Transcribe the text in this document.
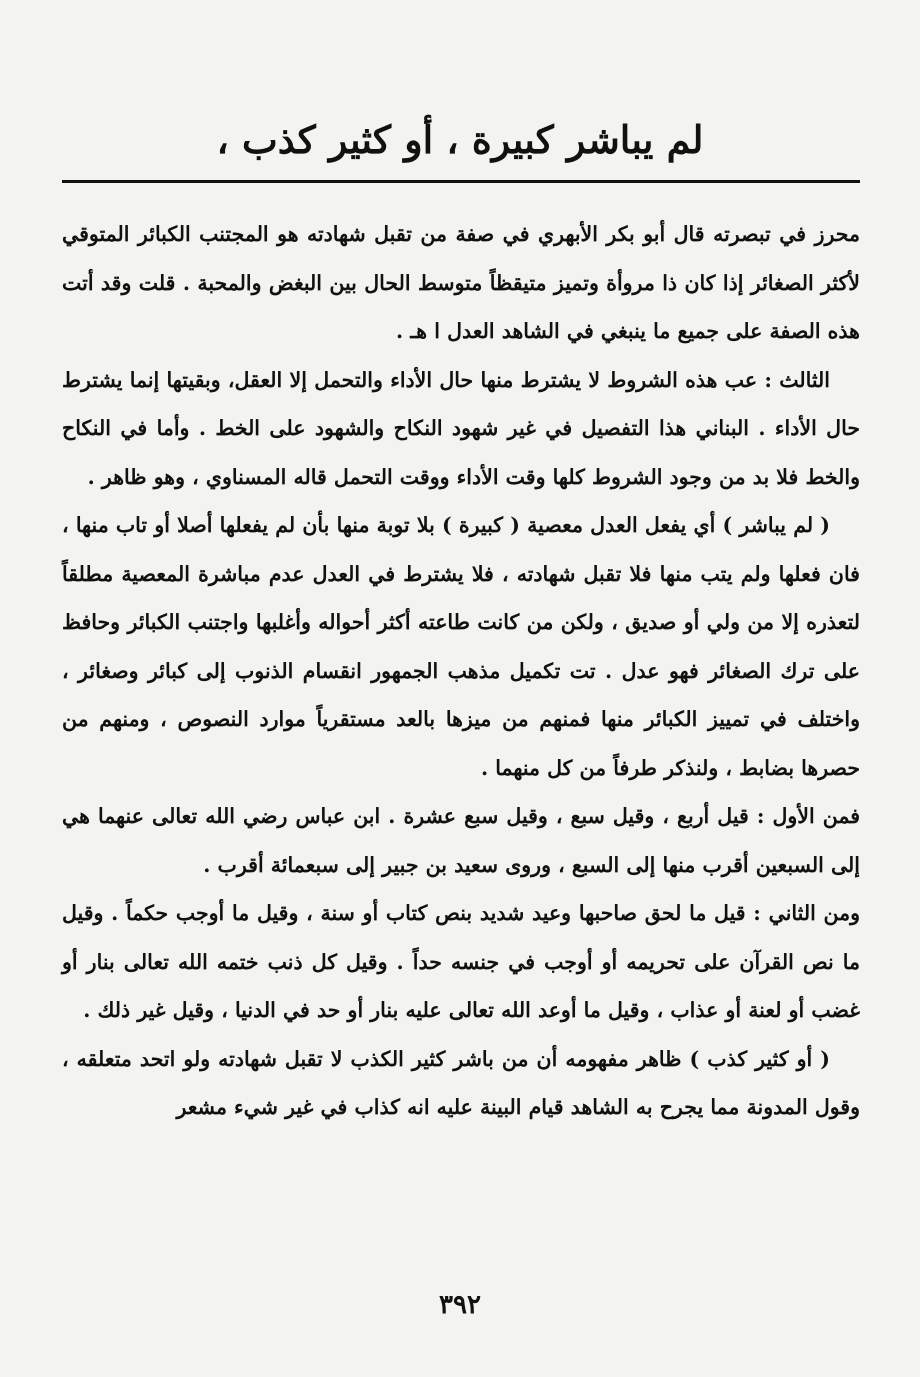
لم يباشر كبيرة ، أو كثير كذب ،

محرز في تبصرته قال أبو بكر الأبهري في صفة من تقبل شهادته هو المجتنب الكبائر المتوقي لأكثر الصغائر إذا كان ذا مروأة وتميز متيقظاً متوسط الحال بين البغض والمحبة . قلت وقد أتت هذه الصفة على جميع ما ينبغي في الشاهد العدل ا هـ .

الثالث : عب هذه الشروط لا يشترط منها حال الأداء والتحمل إلا العقل، وبقيتها إنما يشترط حال الأداء . البناني هذا التفصيل في غير شهود النكاح والشهود على الخط . وأما في النكاح والخط فلا بد من وجود الشروط كلها وقت الأداء ووقت التحمل قاله المسناوي ، وهو ظاهر .

( لم يباشر ) أي يفعل العدل معصية ( كبيرة ) بلا توبة منها بأن لم يفعلها أصلا أو تاب منها ، فان فعلها ولم يتب منها فلا تقبل شهادته ، فلا يشترط في العدل عدم مباشرة المعصية مطلقاً لتعذره إلا من ولي أو صديق ، ولكن من كانت طاعته أكثر أحواله وأغلبها واجتنب الكبائر وحافظ على ترك الصغائر فهو عدل . تت تكميل مذهب الجمهور انقسام الذنوب إلى كبائر وصغائر ، واختلف في تمييز الكبائر منها فمنهم من ميزها بالعد مستقرياً موارد النصوص ، ومنهم من حصرها بضابط ، ولنذكر طرفاً من كل منهما .

فمن الأول : قيل أربع ، وقيل سبع ، وقيل سبع عشرة . ابن عباس رضي الله تعالى عنهما هي إلى السبعين أقرب منها إلى السبع ، وروى سعيد بن جبير إلى سبعمائة أقرب .

ومن الثاني : قيل ما لحق صاحبها وعيد شديد بنص كتاب أو سنة ، وقيل ما أوجب حكماً . وقيل ما نص القرآن على تحريمه أو أوجب في جنسه حداً . وقيل كل ذنب ختمه الله تعالى بنار أو غضب أو لعنة أو عذاب ، وقيل ما أوعد الله تعالى عليه بنار أو حد في الدنيا ، وقيل غير ذلك .

( أو كثير كذب ) ظاهر مفهومه أن من باشر كثير الكذب لا تقبل شهادته ولو اتحد متعلقه ، وقول المدونة مما يجرح به الشاهد قيام البينة عليه انه كذاب في غير شيء مشعر

٣٩٢
